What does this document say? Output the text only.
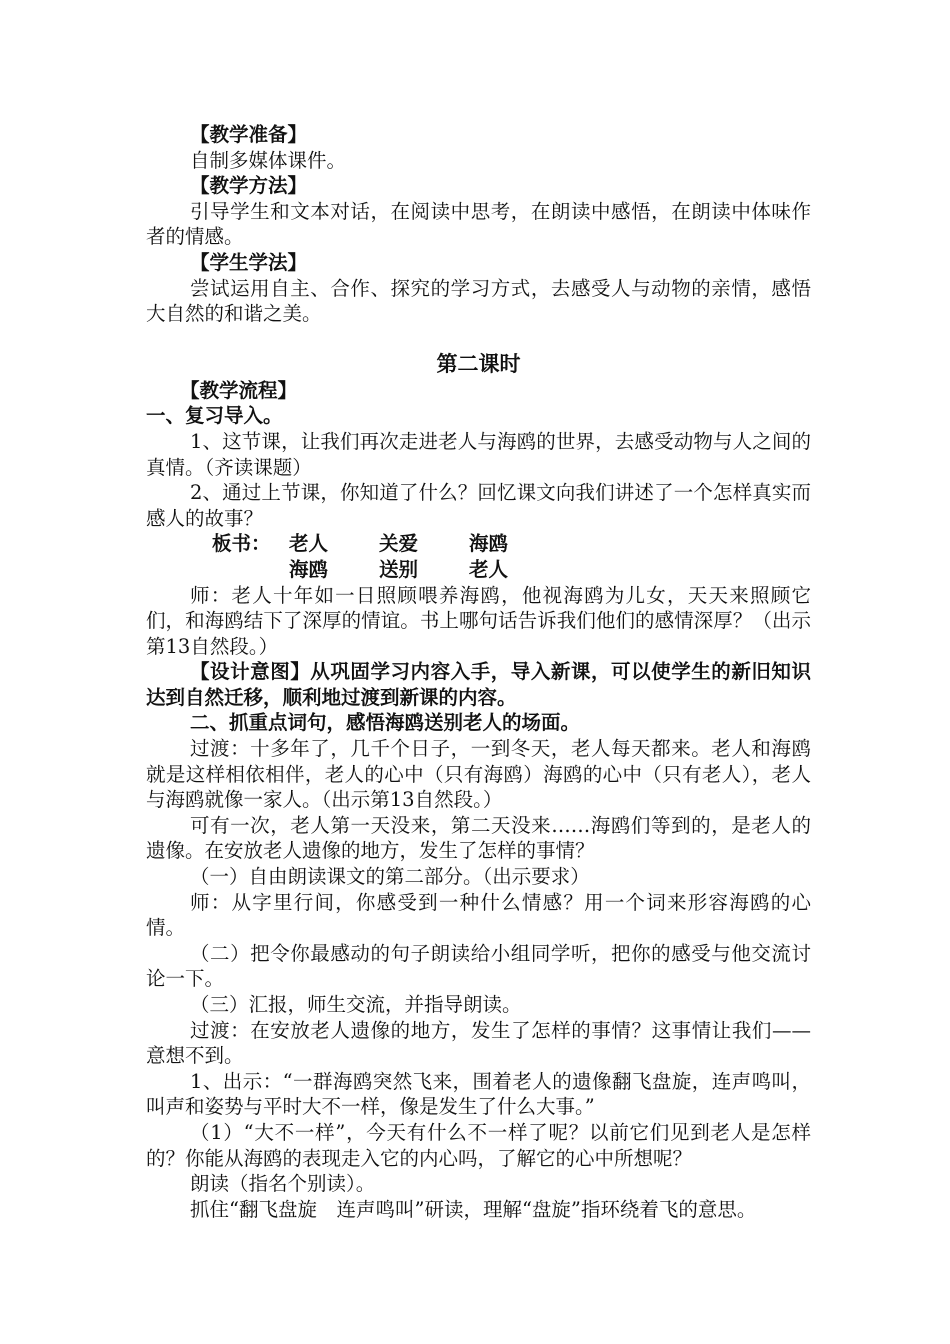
【教学准备】

自制多媒体课件。

【教学方法】

引导学生和文本对话，在阅读中思考，在朗读中感悟，在朗读中体味作者的情感。

【学生学法】

尝试运用自主、合作、探究的学习方式，去感受人与动物的亲情，感悟大自然的和谐之美。

第二课时

【教学流程】

一、复习导入。

1、这节课，让我们再次走进老人与海鸥的世界，去感受动物与人之间的真情。（齐读课题）

2、通过上节课，你知道了什么？回忆课文向我们讲述了一个怎样真实而感人的故事？

板书： 老人	关爱	海鸥
海鸥	送别	老人

师：老人十年如一日照顾喂养海鸥，他视海鸥为儿女，天天来照顾它们，和海鸥结下了深厚的情谊。书上哪句话告诉我们他们的感情深厚？（出示第13自然段。）

【设计意图】从巩固学习内容入手，导入新课，可以使学生的新旧知识达到自然迁移，顺利地过渡到新课的内容。

二、抓重点词句，感悟海鸥送别老人的场面。

过渡：十多年了，几千个日子，一到冬天，老人每天都来。老人和海鸥就是这样相依相伴，老人的心中（只有海鸥）海鸥的心中（只有老人），老人与海鸥就像一家人。（出示第13自然段。）

可有一次，老人第一天没来，第二天没来……海鸥们等到的，是老人的遗像。在安放老人遗像的地方，发生了怎样的事情？

（一）自由朗读课文的第二部分。（出示要求）

师：从字里行间，你感受到一种什么情感？用一个词来形容海鸥的心情。

（二）把令你最感动的句子朗读给小组同学听，把你的感受与他交流讨论一下。

（三）汇报，师生交流，并指导朗读。

过渡：在安放老人遗像的地方，发生了怎样的事情？这事情让我们——意想不到。

1、出示：“一群海鸥突然飞来，围着老人的遗像翻飞盘旋，连声鸣叫，叫声和姿势与平时大不一样，像是发生了什么大事。”

（1）“大不一样”，今天有什么不一样了呢？以前它们见到老人是怎样的？你能从海鸥的表现走入它的内心吗，了解它的心中所想呢？

朗读（指名个别读）。

抓住“翻飞盘旋　连声鸣叫”研读，理解“盘旋”指环绕着飞的意思。
